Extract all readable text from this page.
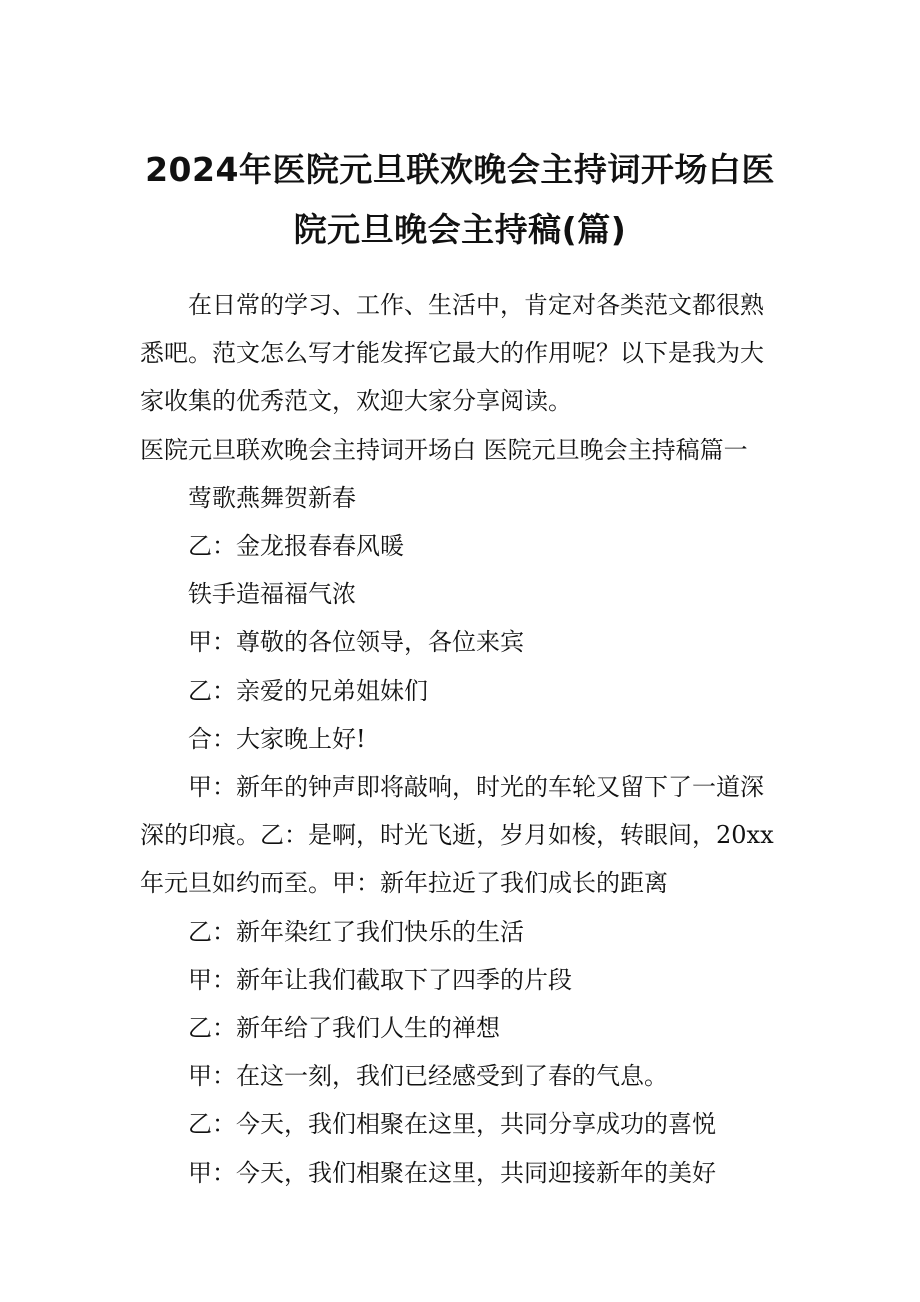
2024年医院元旦联欢晚会主持词开场白医
院元旦晚会主持稿(篇)

在日常的学习、工作、生活中，肯定对各类范文都很熟

悉吧。范文怎么写才能发挥它最大的作用呢？以下是我为大

家收集的优秀范文，欢迎大家分享阅读。

医院元旦联欢晚会主持词开场白 医院元旦晚会主持稿篇一

莺歌燕舞贺新春

乙：金龙报春春风暖

铁手造福福气浓

甲：尊敬的各位领导，各位来宾

乙：亲爱的兄弟姐妹们

合：大家晚上好!

甲：新年的钟声即将敲响，时光的车轮又留下了一道深

深的印痕。乙：是啊，时光飞逝，岁月如梭，转眼间，20xx

年元旦如约而至。甲：新年拉近了我们成长的距离

乙：新年染红了我们快乐的生活

甲：新年让我们截取下了四季的片段

乙：新年给了我们人生的禅想

甲：在这一刻，我们已经感受到了春的气息。

乙：今天，我们相聚在这里，共同分享成功的喜悦

甲：今天，我们相聚在这里，共同迎接新年的美好
